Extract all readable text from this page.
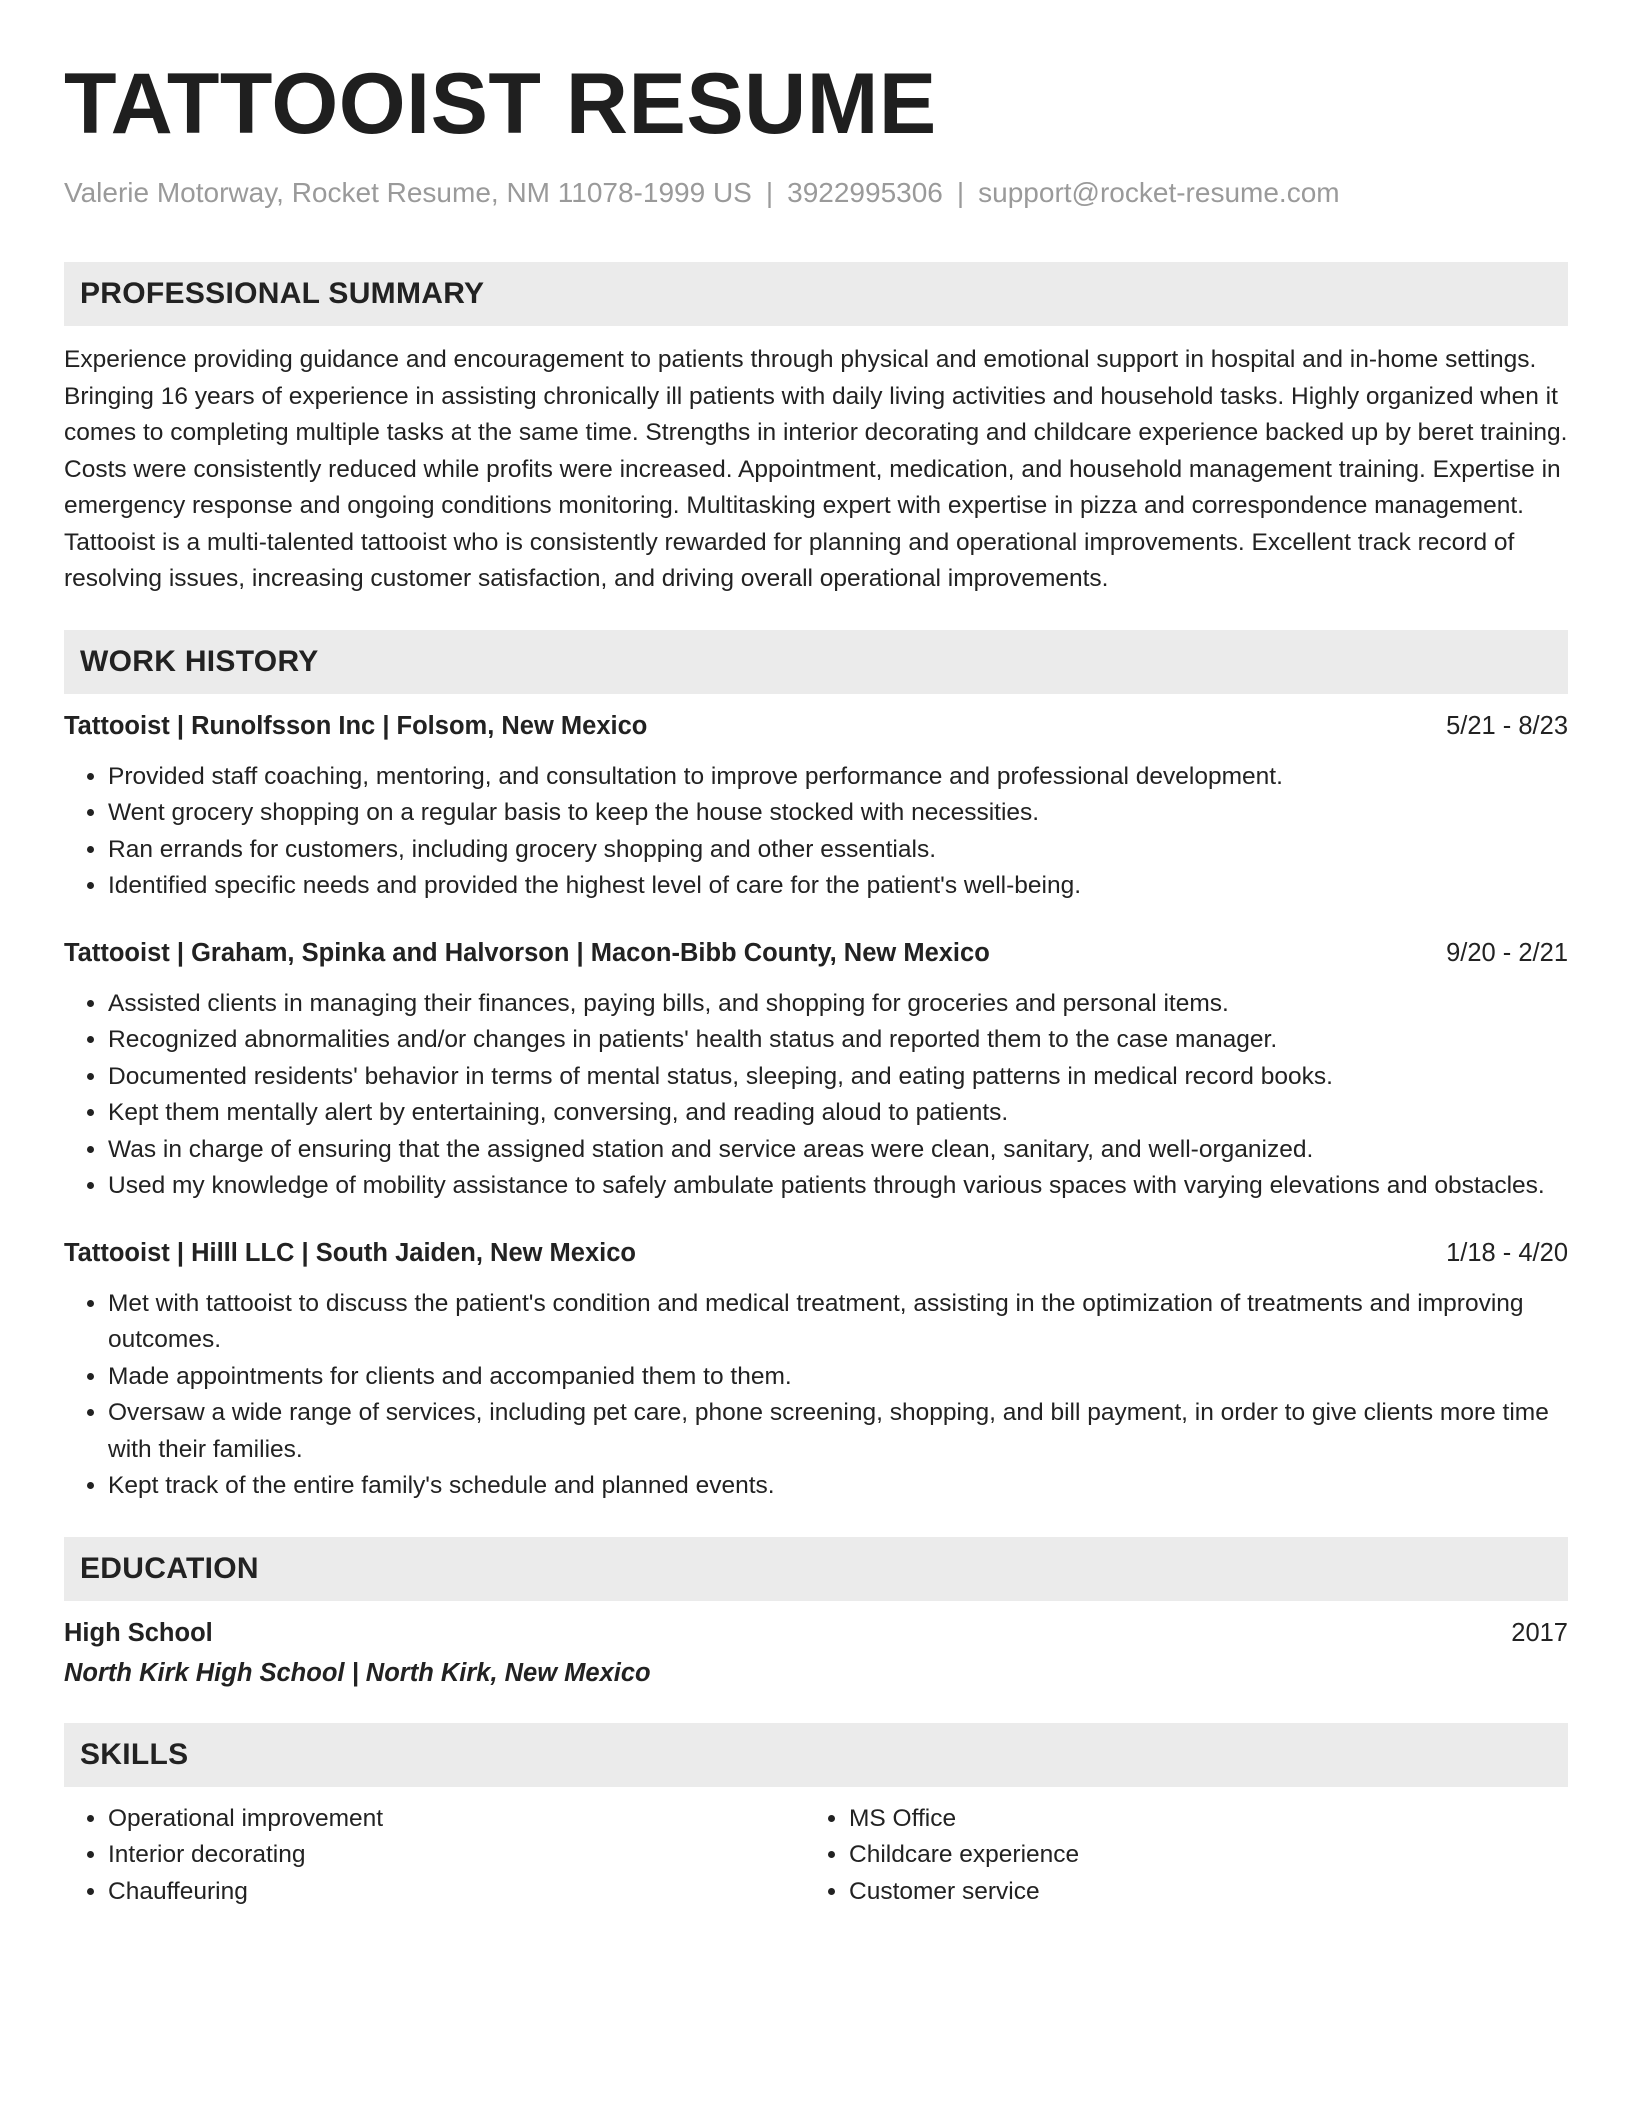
TATTOOIST RESUME
Valerie Motorway, Rocket Resume, NM 11078-1999 US | 3922995306 | support@rocket-resume.com
PROFESSIONAL SUMMARY
Experience providing guidance and encouragement to patients through physical and emotional support in hospital and in-home settings. Bringing 16 years of experience in assisting chronically ill patients with daily living activities and household tasks. Highly organized when it comes to completing multiple tasks at the same time. Strengths in interior decorating and childcare experience backed up by beret training. Costs were consistently reduced while profits were increased. Appointment, medication, and household management training. Expertise in emergency response and ongoing conditions monitoring. Multitasking expert with expertise in pizza and correspondence management. Tattooist is a multi-talented tattooist who is consistently rewarded for planning and operational improvements. Excellent track record of resolving issues, increasing customer satisfaction, and driving overall operational improvements.
WORK HISTORY
Tattooist | Runolfsson Inc | Folsom, New Mexico	5/21 - 8/23
• Provided staff coaching, mentoring, and consultation to improve performance and professional development.
• Went grocery shopping on a regular basis to keep the house stocked with necessities.
• Ran errands for customers, including grocery shopping and other essentials.
• Identified specific needs and provided the highest level of care for the patient's well-being.
Tattooist | Graham, Spinka and Halvorson | Macon-Bibb County, New Mexico	9/20 - 2/21
• Assisted clients in managing their finances, paying bills, and shopping for groceries and personal items.
• Recognized abnormalities and/or changes in patients' health status and reported them to the case manager.
• Documented residents' behavior in terms of mental status, sleeping, and eating patterns in medical record books.
• Kept them mentally alert by entertaining, conversing, and reading aloud to patients.
• Was in charge of ensuring that the assigned station and service areas were clean, sanitary, and well-organized.
• Used my knowledge of mobility assistance to safely ambulate patients through various spaces with varying elevations and obstacles.
Tattooist | Hilll LLC | South Jaiden, New Mexico	1/18 - 4/20
• Met with tattooist to discuss the patient's condition and medical treatment, assisting in the optimization of treatments and improving outcomes.
• Made appointments for clients and accompanied them to them.
• Oversaw a wide range of services, including pet care, phone screening, shopping, and bill payment, in order to give clients more time with their families.
• Kept track of the entire family's schedule and planned events.
EDUCATION
High School	2017
North Kirk High School | North Kirk, New Mexico
SKILLS
• Operational improvement
• Interior decorating
• Chauffeuring
• MS Office
• Childcare experience
• Customer service
